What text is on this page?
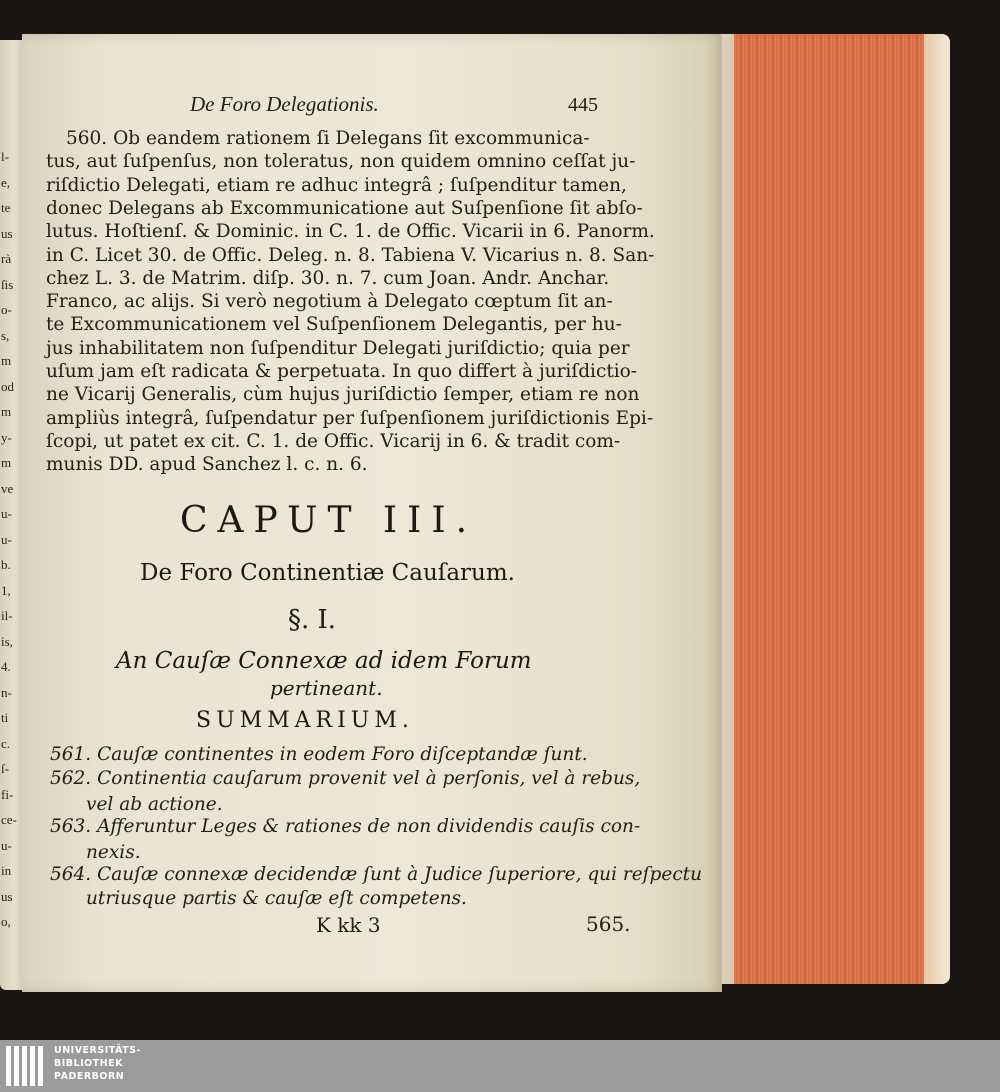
l-
e,
te
us
rà
ſis
o-
s,
m
od
m
y-
m
ve
u-
u-
b.
1,
il-
is,
4.
n-
ti
c.
ſ-
fi-
ce-
u-
in
us
o,
De Foro Delegationis.	445
560. Ob eandem rationem ſi Delegans ſit excommunica-
tus, aut ſuſpenſus, non toleratus, non quidem omnino ceſſat ju-
riſdictio Delegati, etiam re adhuc integrâ ; ſuſpenditur tamen,
donec Delegans ab Excommunicatione aut Suſpenſione ſit abſo-
lutus. Hoſtienſ. & Dominic. in C. 1. de Offic. Vicarii in 6. Panorm.
in C. Licet 30. de Offic. Deleg. n. 8. Tabiena V. Vicarius n. 8. San-
chez L. 3. de Matrim. diſp. 30. n. 7. cum Joan. Andr. Anchar.
Franco, ac alijs. Si verò negotium à Delegato cœptum ſit an-
te Excommunicationem vel Suſpenſionem Delegantis, per hu-
jus inhabilitatem non ſuſpenditur Delegati juriſdictio; quia per
uſum jam eſt radicata & perpetuata. In quo differt à juriſdictio-
ne Vicarij Generalis, cùm hujus juriſdictio ſemper, etiam re non
ampliùs integrâ, ſuſpendatur per ſuſpenſionem juriſdictionis Epi-
ſcopi, ut patet ex cit. C. 1. de Offic. Vicarij in 6. & tradit com-
munis DD. apud Sanchez l. c. n. 6.
CAPUT III.
De Foro Continentiæ Cauſarum.
§. I.
An Cauſæ Connexæ ad idem Forum
pertineant.
SUMMARIUM.
561. Cauſæ continentes in eodem Foro diſceptandæ ſunt.
562. Continentia cauſarum provenit vel à perſonis, vel à rebus,
vel ab actione.
563. Afferuntur Leges & rationes de non dividendis cauſis con-
nexis.
564. Cauſæ connexæ decidendæ ſunt à Judice ſuperiore, qui reſpectu
utriusque partis & cauſæ eſt competens.
K kk 3	565.
UNIVERSITÄTS-
BIBLIOTHEK
PADERBORN
